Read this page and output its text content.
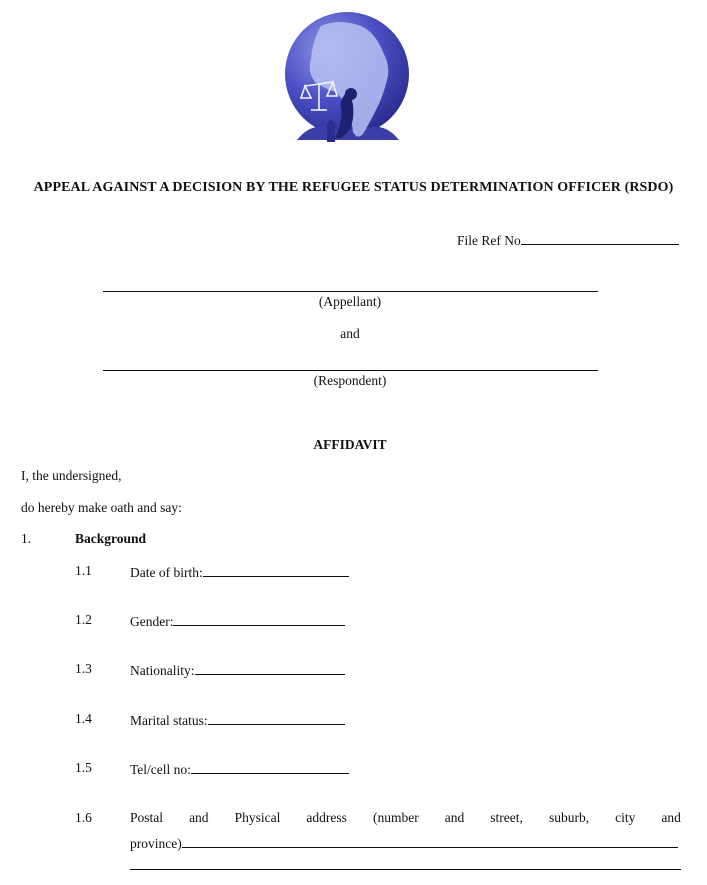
APPEAL AGAINST A DECISION BY THE REFUGEE STATUS DETERMINATION OFFICER (RSDO)
File Ref No
(Appellant)
and
(Respondent)
AFFIDAVIT
I, the undersigned,
do hereby make oath and say:
1.	Background
1.1	Date of birth:
1.2	Gender:
1.3	Nationality:
1.4	Marital status:
1.5	Tel/cell no:
1.6	Postal and Physical address (number and street, suburb, city and
province)
